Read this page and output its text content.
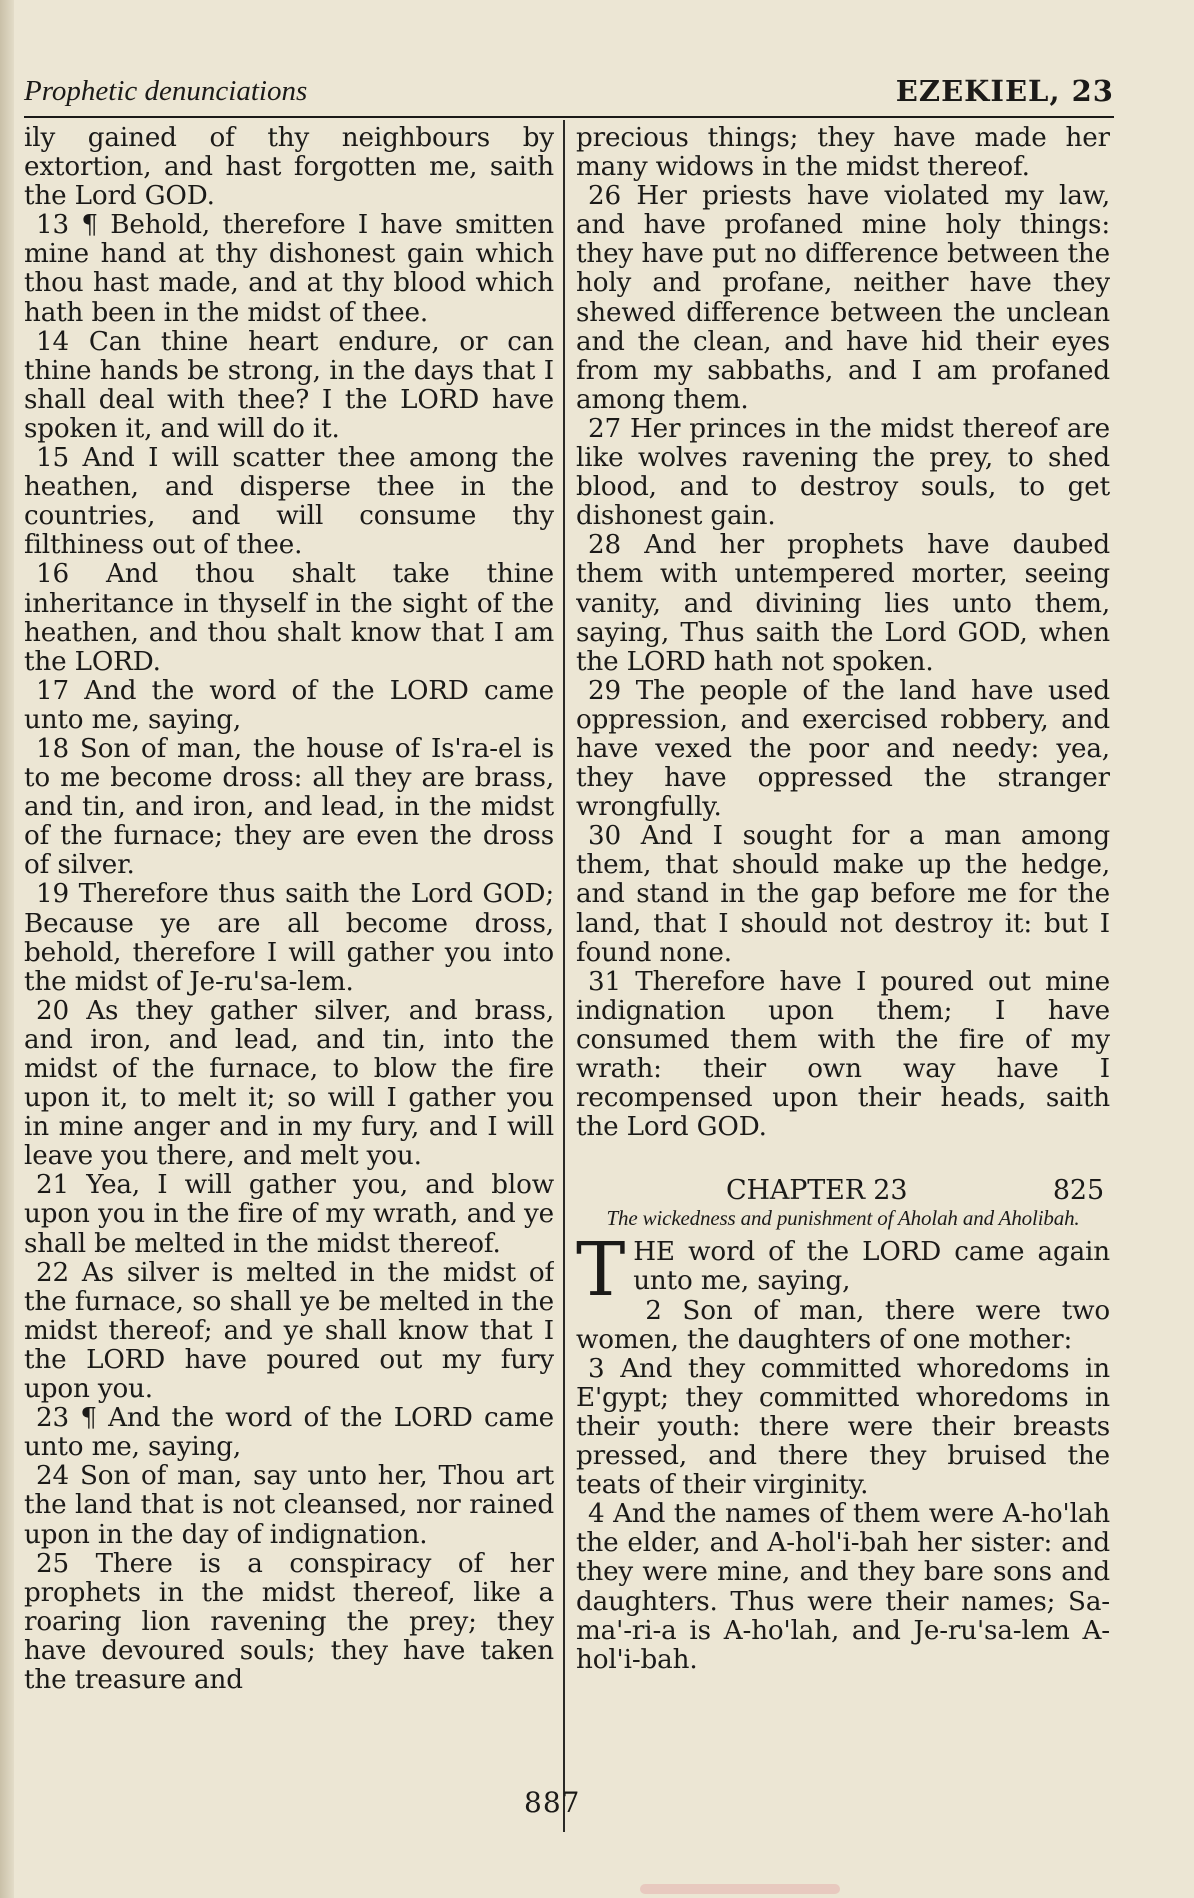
Prophetic denunciations	EZEKIEL, 23

ily gained of thy neighbours by extortion, and hast forgotten me, saith the Lord GOD.

13 ¶ Behold, therefore I have smitten mine hand at thy dishonest gain which thou hast made, and at thy blood which hath been in the midst of thee.

14 Can thine heart endure, or can thine hands be strong, in the days that I shall deal with thee? I the LORD have spoken it, and will do it.

15 And I will scatter thee among the heathen, and disperse thee in the countries, and will consume thy filthiness out of thee.

16 And thou shalt take thine inheritance in thyself in the sight of the heathen, and thou shalt know that I am the LORD.

17 And the word of the LORD came unto me, saying,

18 Son of man, the house of Is'ra-el is to me become dross: all they are brass, and tin, and iron, and lead, in the midst of the furnace; they are even the dross of silver.

19 Therefore thus saith the Lord GOD; Because ye are all become dross, behold, therefore I will gather you into the midst of Je-ru'sa-lem.

20 As they gather silver, and brass, and iron, and lead, and tin, into the midst of the furnace, to blow the fire upon it, to melt it; so will I gather you in mine anger and in my fury, and I will leave you there, and melt you.

21 Yea, I will gather you, and blow upon you in the fire of my wrath, and ye shall be melted in the midst thereof.

22 As silver is melted in the midst of the furnace, so shall ye be melted in the midst thereof; and ye shall know that I the LORD have poured out my fury upon you.

23 ¶ And the word of the LORD came unto me, saying,

24 Son of man, say unto her, Thou art the land that is not cleansed, nor rained upon in the day of indignation.

25 There is a conspiracy of her prophets in the midst thereof, like a roaring lion ravening the prey; they have devoured souls; they have taken the treasure and

precious things; they have made her many widows in the midst thereof.

26 Her priests have violated my law, and have profaned mine holy things: they have put no difference between the holy and profane, neither have they shewed difference between the unclean and the clean, and have hid their eyes from my sabbaths, and I am profaned among them.

27 Her princes in the midst thereof are like wolves ravening the prey, to shed blood, and to destroy souls, to get dishonest gain.

28 And her prophets have daubed them with untempered morter, seeing vanity, and divining lies unto them, saying, Thus saith the Lord GOD, when the LORD hath not spoken.

29 The people of the land have used oppression, and exercised robbery, and have vexed the poor and needy: yea, they have oppressed the stranger wrongfully.

30 And I sought for a man among them, that should make up the hedge, and stand in the gap before me for the land, that I should not destroy it: but I found none.

31 Therefore have I poured out mine indignation upon them; I have consumed them with the fire of my wrath: their own way have I recompensed upon their heads, saith the Lord GOD.

CHAPTER 23	825

The wickedness and punishment of Aholah and Aholibah.

T HE word of the LORD came again unto me, saying,

2 Son of man, there were two women, the daughters of one mother:

3 And they committed whoredoms in E'gypt; they committed whoredoms in their youth: there were their breasts pressed, and there they bruised the teats of their virginity.

4 And the names of them were A-ho'lah the elder, and A-hol'i-bah her sister: and they were mine, and they bare sons and daughters. Thus were their names; Sa-ma'-ri-a is A-ho'lah, and Je-ru'sa-lem A-hol'i-bah.

887
